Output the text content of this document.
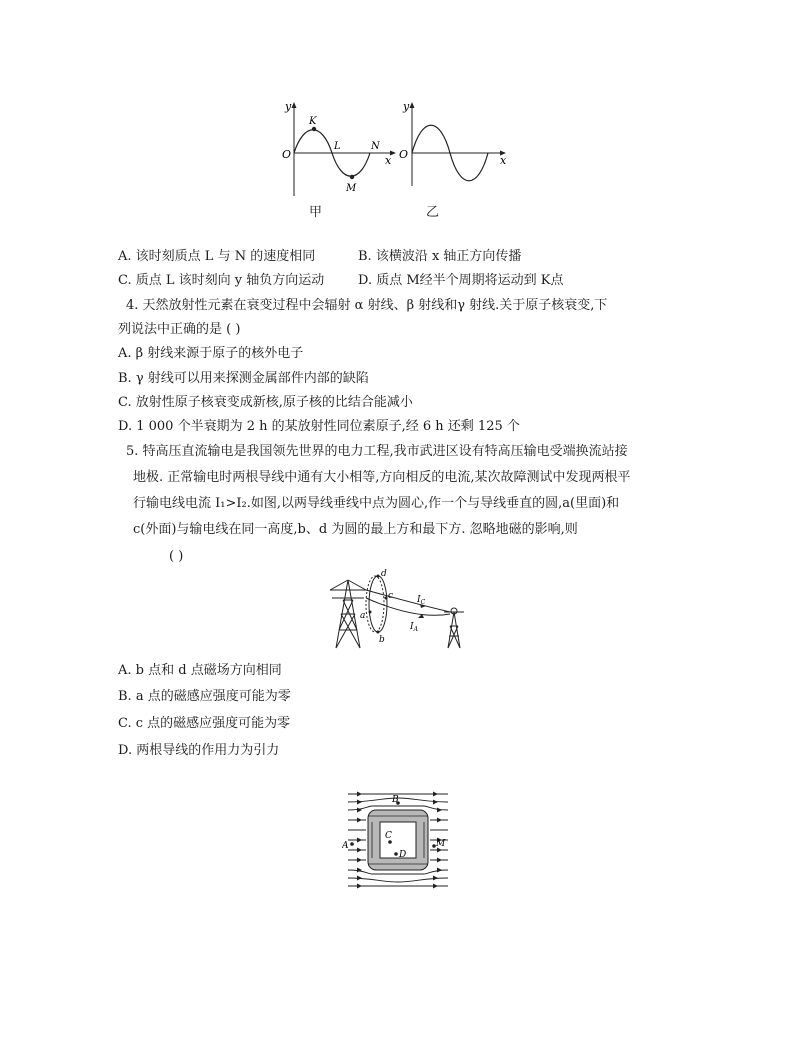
y
x
O
K
L
M
N
甲
y
x
O
乙
A. 该时刻质点 L 与 N 的速度相同	B. 该横波沿 x 轴正方向传播
C. 质点 L 该时刻向 y 轴负方向运动	D. 质点 M经半个周期将运动到 K点
4. 天然放射性元素在衰变过程中会辐射 α 射线、β 射线和γ 射线.关于原子核衰变,下
列说法中正确的是 ( )
A. β 射线来源于原子的核外电子
B. γ 射线可以用来探测金属部件内部的缺陷
C. 放射性原子核衰变成新核,原子核的比结合能减小
D. 1 000 个半衰期为 2 h 的某放射性同位素原子,经 6 h 还剩 125 个
5. 特高压直流输电是我国领先世界的电力工程,我市武进区设有特高压输电受端换流站接
地极. 正常输电时两根导线中通有大小相等,方向相反的电流,某次故障测试中发现两根平
行输电线电流 I₁>I₂.如图,以两导线垂线中点为圆心,作一个与导线垂直的圆,a(里面)和
c(外面)与输电线在同一高度,b、d 为圆的最上方和最下方. 忽略地磁的影响,则
( )
d
c
a
b
$I_C$
$I_A$
A. b 点和 d 点磁场方向相同
B. a 点的磁感应强度可能为零
C. c 点的磁感应强度可能为零
D. 两根导线的作用力为引力
B
A
C
D
M
